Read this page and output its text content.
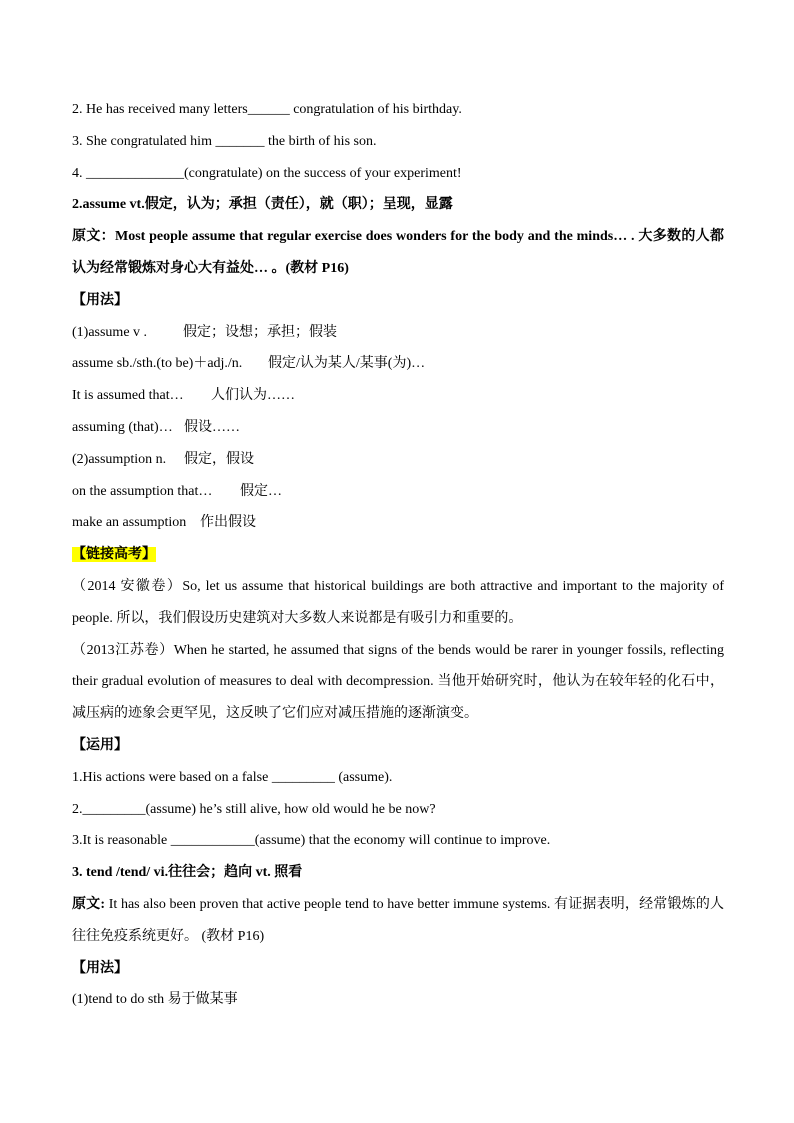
2. He has received many letters______ congratulation of his birthday.
3. She congratulated him _______ the birth of his son.
4. ______________(congratulate) on the success of your experiment!
2.assume vt.假定，认为；承担（责任），就（职）；呈现，显露
原文：Most people assume that regular exercise does wonders for the body and the minds… . 大多数的人都
认为经常锻炼对身心大有益处… 。(教材 P16)
【用法】
(1)assume v .	假定；设想；承担；假装
assume sb./sth.(to be)＋adj./n. 假定/认为某人/某事(为)…
It is assumed that… 人们认为……
assuming (that)… 假设……
(2)assumption n. 假定，假设
on the assumption that… 假定…
make an assumption 作出假设
【链接高考】
（2014 安徽卷）So, let us assume that historical buildings are both attractive and important to the majority of
people. 所以，我们假设历史建筑对大多数人来说都是有吸引力和重要的。
（2013江苏卷）When he started, he assumed that signs of the bends would be rarer in younger fossils, reflecting
their gradual evolution of measures to deal with decompression. 当他开始研究时，他认为在较年轻的化石中，
减压病的迹象会更罕见，这反映了它们应对减压措施的逐渐演变。
【运用】
1.His actions were based on a false _________ (assume).
2._________(assume) he’s still alive, how old would he be now?
3.It is reasonable ____________(assume) that the economy will continue to improve.
3. tend /tend/ vi.往往会；趋向 vt. 照看
原文: It has also been proven that active people tend to have better immune systems. 有证据表明，经常锻炼的人
往往免疫系统更好。 (教材 P16)
【用法】
(1)tend to do sth 易于做某事
